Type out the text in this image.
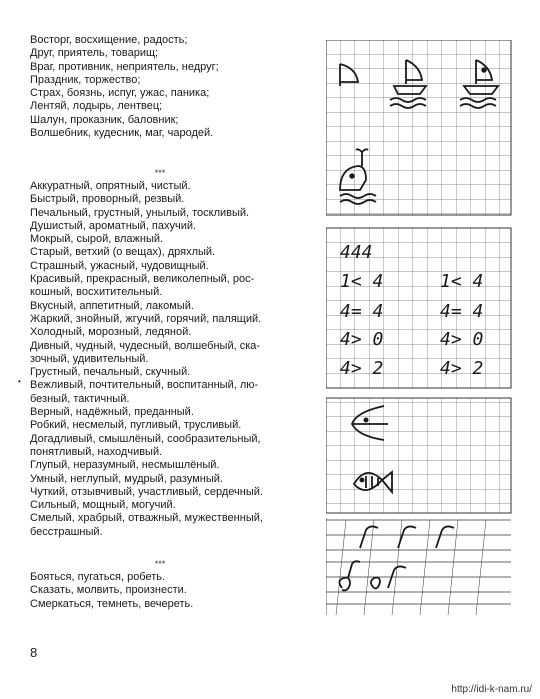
Восторг, восхищение, радость;
Друг, приятель, товарищ;
Враг, противник, неприятель, недруг;
Праздник, торжество;
Страх, боязнь, испуг, ужас, паника;
Лентяй, лодырь, лентвец;
Шалун, проказник, баловник;
Волшебник, кудесник, маг, чародей.
***
Аккуратный, опрятный, чистый.
Быстрый, проворный, резвый.
Печальный, грустный, унылый, тоскливый.
Душистый, ароматный, пахучий.
Мокрый, сырой, влажный.
Старый, ветхий (о вещах), дряхлый.
Страшный, ужасный, чудовищный.
Красивый, прекрасный, великолепный, рос-
кошный, восхитительный.
Вкусный, аппетитный, лакомый.
Жаркий, знойный, жгучий, горячий, палящий.
Холодный, морозный, ледяной.
Дивный, чудный, чудесный, волшебный, ска-
зочный, удивительный.
Грустный, печальный, скучный.
Вежливый, почтительный, воспитанный, лю-
безный, тактичный.
Верный, надёжный, преданный.
Робкий, несмелый, пугливый, трусливый.
Догадливый, смышлёный, сообразительный,
понятливый, находчивый.
Глупый, неразумный, несмышлёный.
Умный, неглупый, мудрый, разумный.
Чуткий, отзывчивый, участливый, сердечный.
Сильный, мощный, могучий.
Смелый, храбрый, отважный, мужественный,
бесстрашный.
•
***
Бояться, пугаться, робеть.
Сказать, молвить, произнести.
Смеркаться, темнеть, вечереть.
8
http://idi-k-nam.ru/
444
1< 4	1< 4
4= 4	4= 4
4> 0	4> 0
4> 2	4> 2
